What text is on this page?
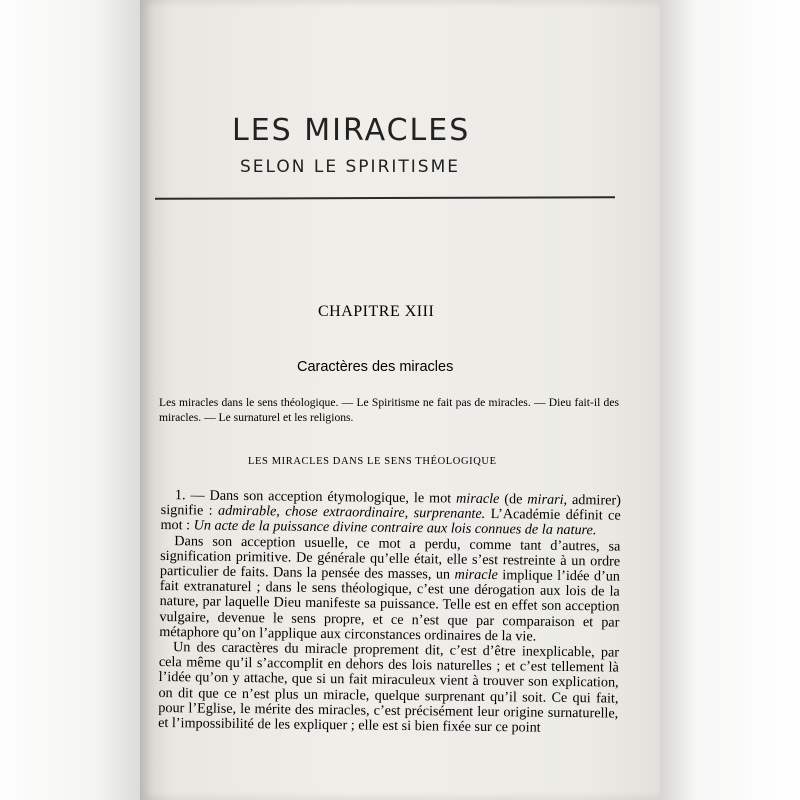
LES MIRACLES
SELON LE SPIRITISME
CHAPITRE XIII
Caractères des miracles

Les miracles dans le sens théologique. — Le Spiritisme ne fait pas de miracles. — Dieu fait-il des miracles. — Le surnaturel et les religions.

LES MIRACLES DANS LE SENS THÉOLOGIQUE

1. — Dans son acception étymologique, le mot miracle (de mirari, admirer) signifie : admirable, chose extraordinaire, surprenante. L’Académie définit ce mot : Un acte de la puissance divine contraire aux lois connues de la nature.

Dans son acception usuelle, ce mot a perdu, comme tant d’autres, sa signification primitive. De générale qu’elle était, elle s’est restreinte à un ordre particulier de faits. Dans la pensée des masses, un miracle implique l’idée d’un fait extranaturel ; dans le sens théologique, c’est une dérogation aux lois de la nature, par laquelle Dieu manifeste sa puissance. Telle est en effet son acception vulgaire, devenue le sens propre, et ce n’est que par comparaison et par métaphore qu’on l’applique aux circonstances ordinaires de la vie.

Un des caractères du miracle proprement dit, c’est d’être inexplicable, par cela même qu’il s’accomplit en dehors des lois naturelles ; et c’est tellement là l’idée qu’on y attache, que si un fait miraculeux vient à trouver son explication, on dit que ce n’est plus un miracle, quelque surprenant qu’il soit. Ce qui fait, pour l’Eglise, le mérite des miracles, c’est précisément leur origine surnaturelle, et l’impossibilité de les expliquer ; elle est si bien fixée sur ce point
